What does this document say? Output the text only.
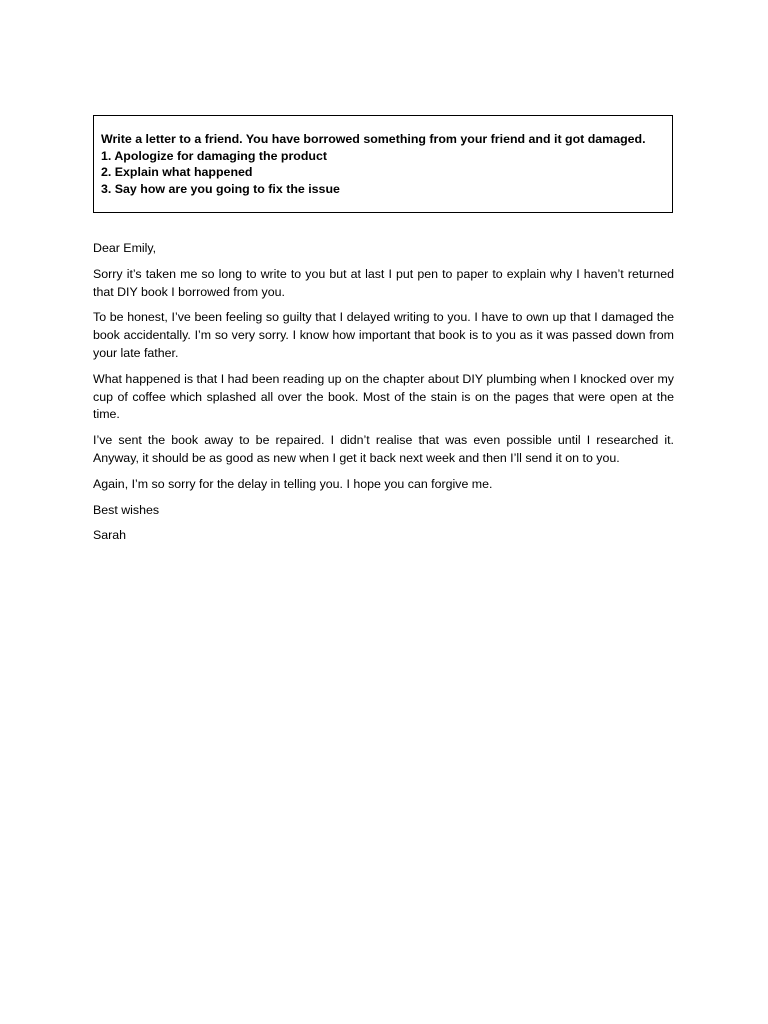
Write a letter to a friend. You have borrowed something from your friend and it got damaged.
1. Apologize for damaging the product
2. Explain what happened
3. Say how are you going to fix the issue
Dear Emily,

Sorry it’s taken me so long to write to you but at last I put pen to paper to explain why I haven’t returned that DIY book I borrowed from you.

To be honest, I’ve been feeling so guilty that I delayed writing to you. I have to own up that I damaged the book accidentally. I’m so very sorry. I know how important that book is to you as it was passed down from your late father.

What happened is that I had been reading up on the chapter about DIY plumbing when I knocked over my cup of coffee which splashed all over the book. Most of the stain is on the pages that were open at the time.

I’ve sent the book away to be repaired. I didn’t realise that was even possible until I researched it. Anyway, it should be as good as new when I get it back next week and then I’ll send it on to you.

Again, I’m so sorry for the delay in telling you. I hope you can forgive me.

Best wishes
Sarah
